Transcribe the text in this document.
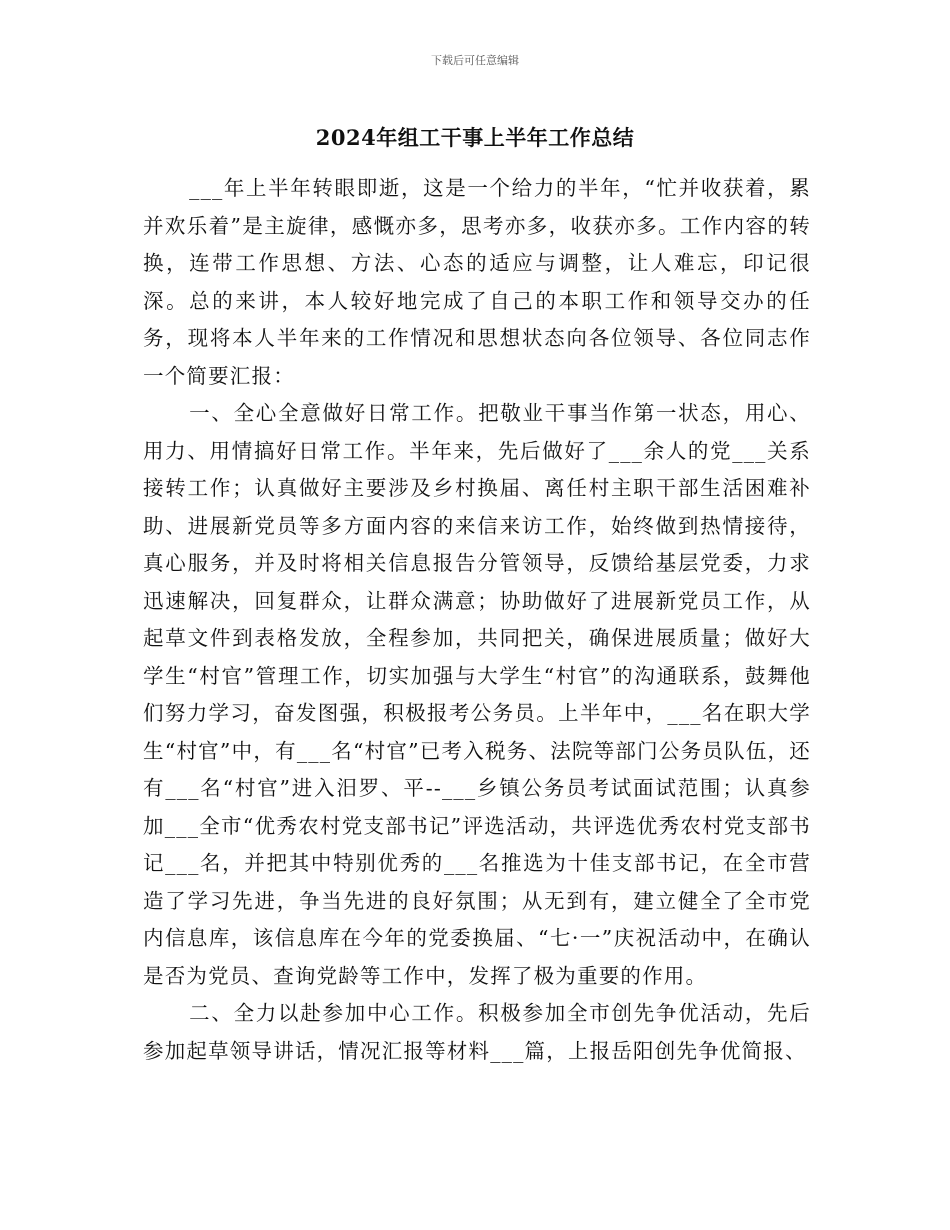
下载后可任意编辑
2024年组工干事上半年工作总结

___年上半年转眼即逝，这是一个给力的半年，“忙并收获着，累并欢乐着”是主旋律，感慨亦多，思考亦多，收获亦多。工作内容的转换，连带工作思想、方法、心态的适应与调整，让人难忘，印记很深。总的来讲，本人较好地完成了自己的本职工作和领导交办的任务，现将本人半年来的工作情况和思想状态向各位领导、各位同志作一个简要汇报：

一、全心全意做好日常工作。把敬业干事当作第一状态，用心、用力、用情搞好日常工作。半年来，先后做好了___余人的党___关系接转工作；认真做好主要涉及乡村换届、离任村主职干部生活困难补助、进展新党员等多方面内容的来信来访工作，始终做到热情接待，真心服务，并及时将相关信息报告分管领导，反馈给基层党委，力求迅速解决，回复群众，让群众满意；协助做好了进展新党员工作，从起草文件到表格发放，全程参加，共同把关，确保进展质量；做好大学生“村官”管理工作，切实加强与大学生“村官”的沟通联系，鼓舞他们努力学习，奋发图强，积极报考公务员。上半年中，___名在职大学生“村官”中，有___名“村官”已考入税务、法院等部门公务员队伍，还有___名“村官”进入汨罗、平--___乡镇公务员考试面试范围；认真参加___全市“优秀农村党支部书记”评选活动，共评选优秀农村党支部书记___名，并把其中特别优秀的___名推选为十佳支部书记，在全市营造了学习先进，争当先进的良好氛围；从无到有，建立健全了全市党内信息库，该信息库在今年的党委换届、“七·一”庆祝活动中，在确认是否为党员、查询党龄等工作中，发挥了极为重要的作用。

二、全力以赴参加中心工作。积极参加全市创先争优活动，先后参加起草领导讲话，情况汇报等材料___篇，上报岳阳创先争优简报、
